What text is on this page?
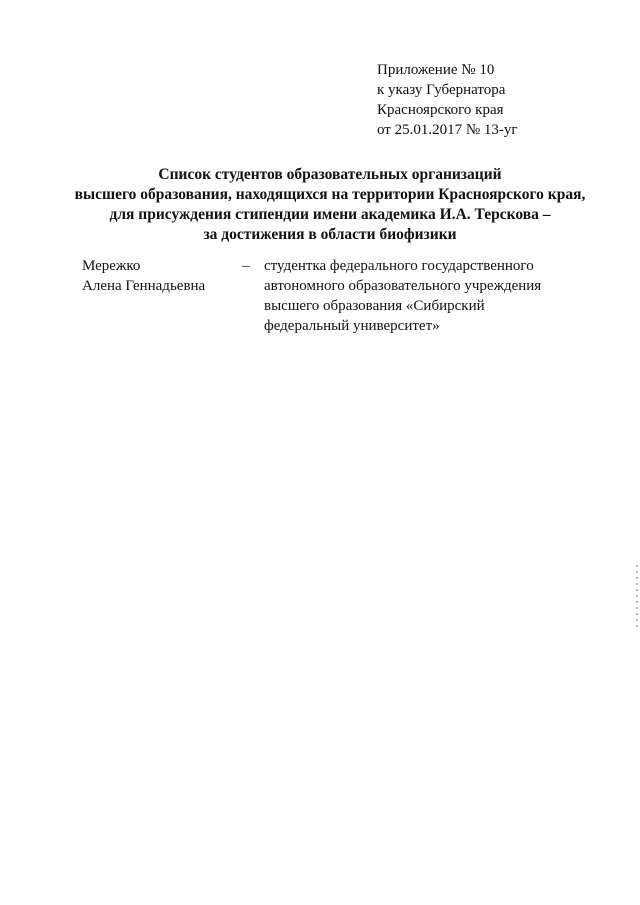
Приложение № 10
к указу Губернатора
Красноярского края
от 25.01.2017 № 13-уг
Список студентов образовательных организаций
высшего образования, находящихся на территории Красноярского края,
для присуждения стипендии имени академика И.А. Терскова –
за достижения в области биофизики
Мережко
Алена Геннадьевна
– студентка федерального государственного
автономного образовательного учреждения
высшего образования «Сибирский
федеральный университет»
